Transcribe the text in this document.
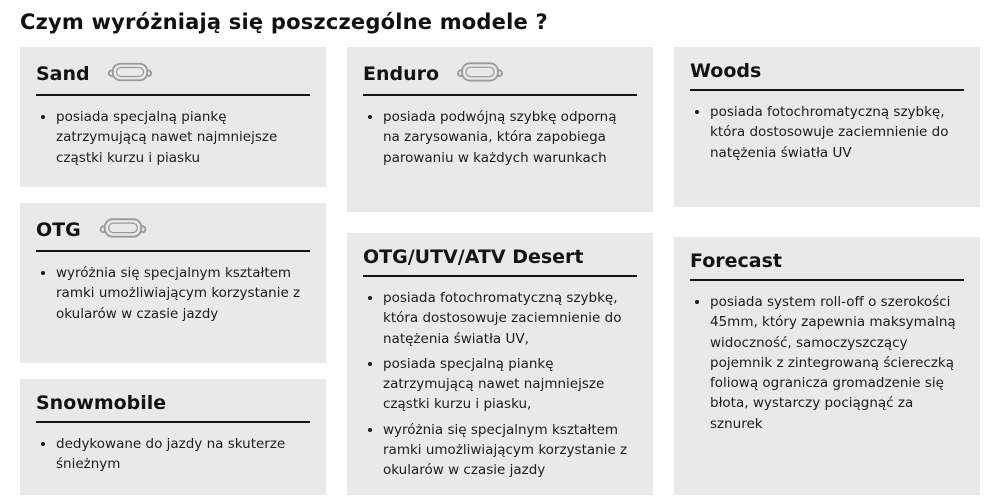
Czym wyróżniają się poszczególne modele ?
Sand
• posiada specjalną piankę zatrzymującą nawet najmniejsze cząstki kurzu i piasku
OTG
• wyróżnia się specjalnym kształtem ramki umożliwiającym korzystanie z okularów w czasie jazdy
Snowmobile
• dedykowane do jazdy na skuterze śnieżnym
Enduro
• posiada podwójną szybkę odporną na zarysowania, która zapobiega parowaniu w każdych warunkach
OTG/UTV/ATV Desert
• posiada fotochromatyczną szybkę, która dostosowuje zaciemnienie do natężenia światła UV,
• posiada specjalną piankę zatrzymującą nawet najmniejsze cząstki kurzu i piasku,
• wyróżnia się specjalnym kształtem ramki umożliwiającym korzystanie z okularów w czasie jazdy
Woods
• posiada fotochromatyczną szybkę, która dostosowuje zaciemnienie do natężenia światła UV
Forecast
• posiada system roll-off o szerokości 45mm, który zapewnia maksymalną widoczność, samoczyszczący pojemnik z zintegrowaną ściereczką foliową ogranicza gromadzenie się błota, wystarczy pociągnąć za sznurek
